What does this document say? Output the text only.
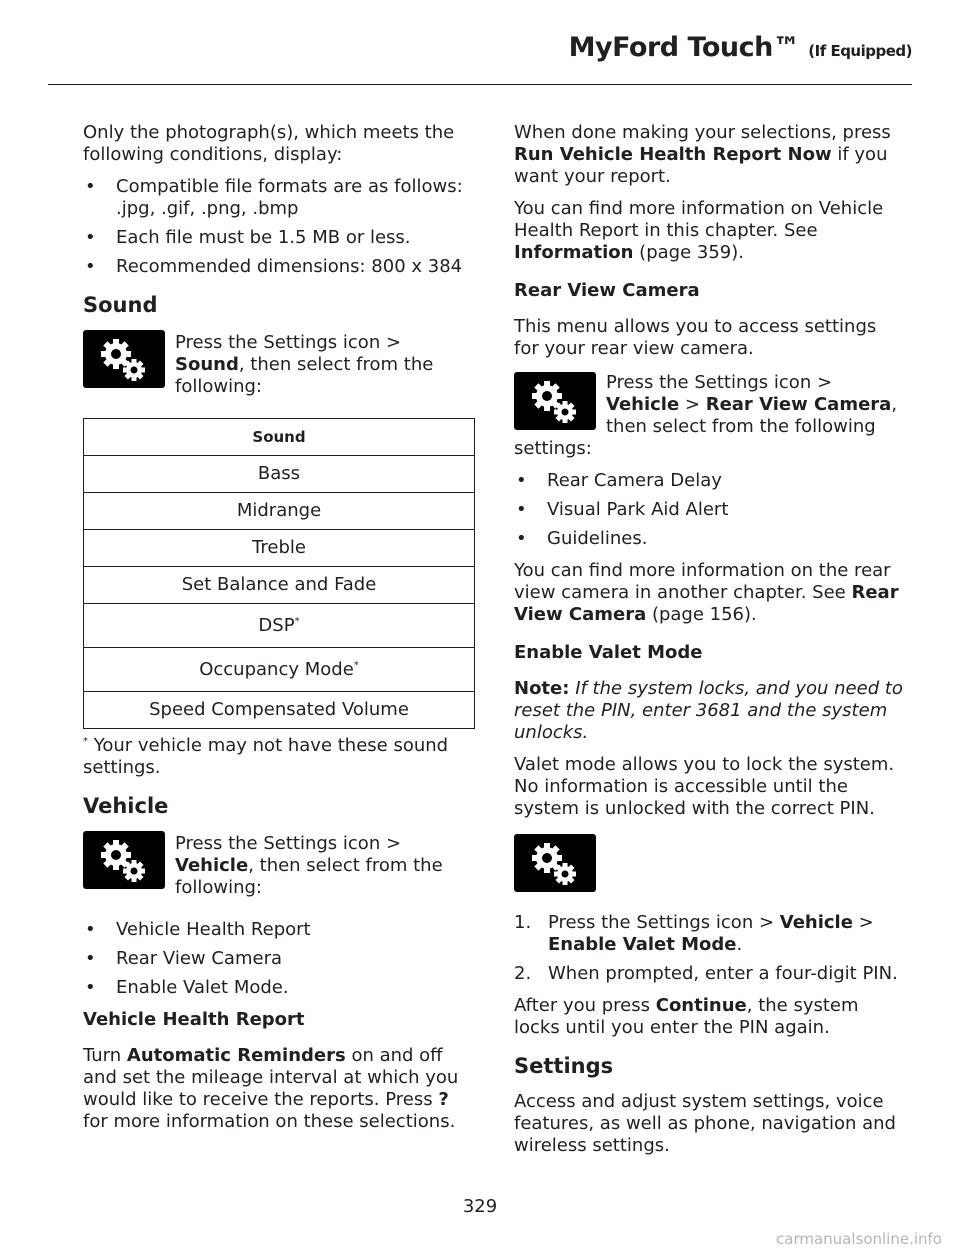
MyFord Touch™ (If Equipped)

Only the photograph(s), which meets the following conditions, display:

• Compatible file formats are as follows: .jpg, .gif, .png, .bmp
• Each file must be 1.5 MB or less.
• Recommended dimensions: 800 x 384
Sound
Press the Settings icon > Sound, then select from the following:
Sound
Bass
Midrange
Treble
Set Balance and Fade
DSP*
Occupancy Mode*
Speed Compensated Volume

* Your vehicle may not have these sound settings.

Vehicle
Press the Settings icon > Vehicle, then select from the following:
• Vehicle Health Report
• Rear View Camera
• Enable Valet Mode.
Vehicle Health Report

Turn Automatic Reminders on and off and set the mileage interval at which you would like to receive the reports. Press ? for more information on these selections.

When done making your selections, press Run Vehicle Health Report Now if you want your report.

You can find more information on Vehicle Health Report in this chapter. See Information (page 359).

Rear View Camera

This menu allows you to access settings for your rear view camera.

Press the Settings icon > Vehicle > Rear View Camera, then select from the following settings:

• Rear Camera Delay
• Visual Park Aid Alert
• Guidelines.

You can find more information on the rear view camera in another chapter. See Rear View Camera (page 156).

Enable Valet Mode

Note: If the system locks, and you need to reset the PIN, enter 3681 and the system unlocks.

Valet mode allows you to lock the system. No information is accessible until the system is unlocked with the correct PIN.

1. Press the Settings icon > Vehicle > Enable Valet Mode.
2. When prompted, enter a four-digit PIN.

After you press Continue, the system locks until you enter the PIN again.

Settings

Access and adjust system settings, voice features, as well as phone, navigation and wireless settings.

329
carmanualsonline.info
